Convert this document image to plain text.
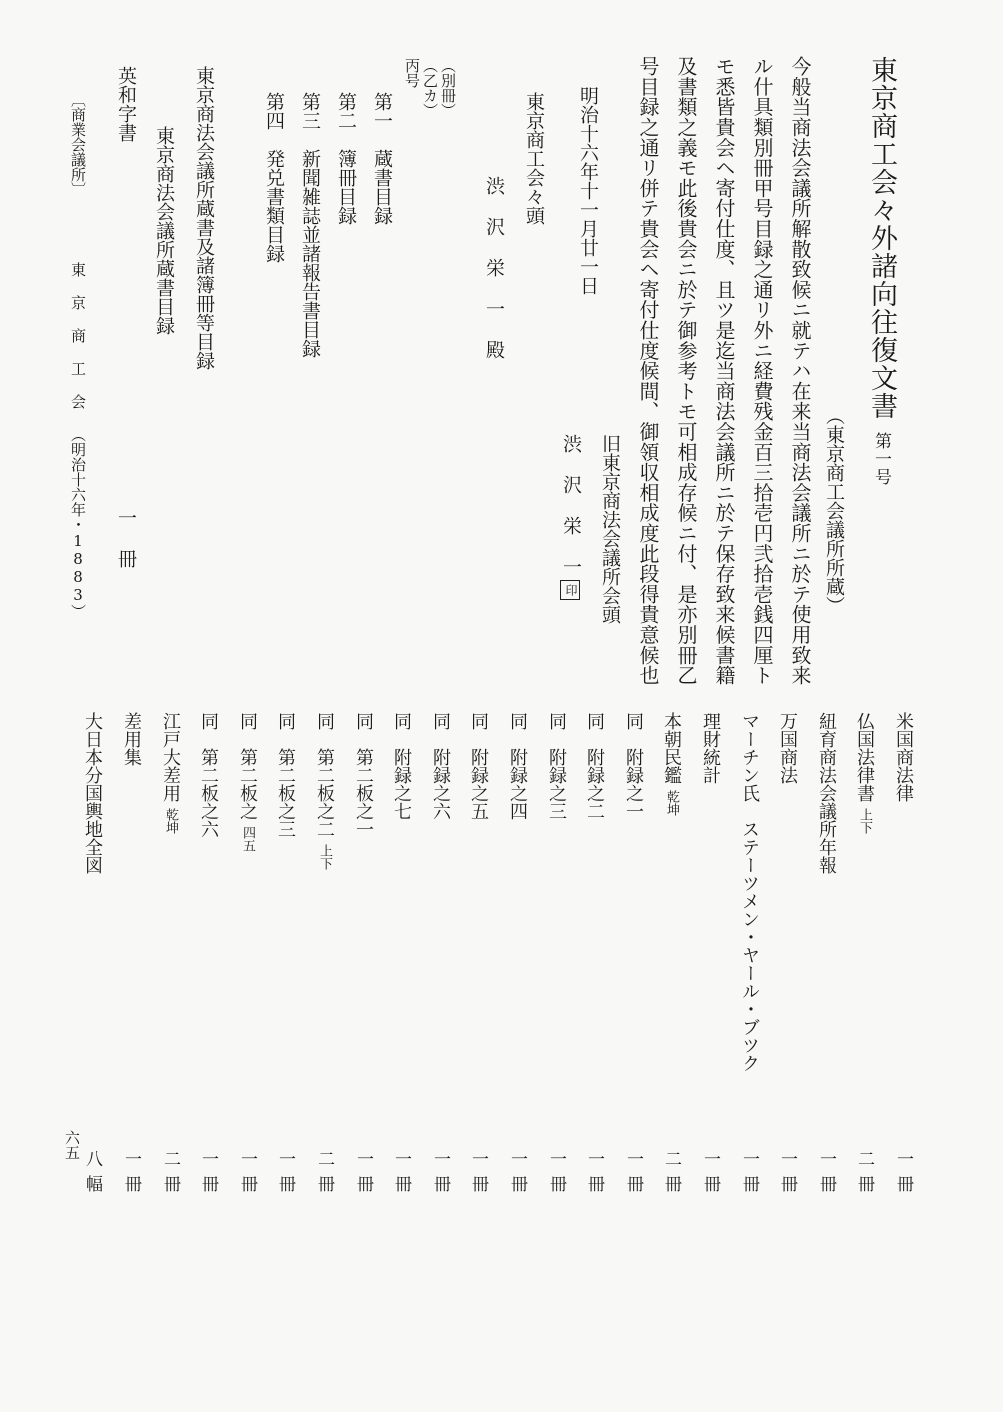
東京商工会々外諸向往復文書第一号
（東京商工会議所所蔵）
今般当商法会議所解散致候ニ就テハ在来当商法会議所ニ於テ使用致来
ル什具類別冊甲号目録之通リ外ニ経費残金百三拾壱円弐拾壱銭四厘ト
モ悉皆貴会ヘ寄付仕度、且ツ是迄当商法会議所ニ於テ保存致来候書籍
及書類之義モ此後貴会ニ於テ御参考トモ可相成存候ニ付、是亦別冊乙
号目録之通リ併テ貴会ヘ寄付仕度候間、御領収相成度此段得貴意候也
旧東京商法会議所会頭
明治十六年十一月廿一日
渋 沢 栄 一印
東京商工会々頭
渋 沢 栄 一 殿
（別冊）
（乙カ）
丙号
第一　蔵書目録
第二　簿冊目録
第三　新聞雑誌並諸報告書目録
第四　発兑書類目録
東京商法会議所蔵書及諸簿冊等目録
東京商法会議所蔵書目録
英和字書
一 冊
〔商業会議所〕
東 京 商 工 会 （明治十六年・1883）
米国商法律
一冊
仏国法律書上下
二冊
紐育商法会議所年報
一冊
万国商法
一冊
マーチン氏　ステーツメン・ヤール・ブツク
一冊
理財統計
一冊
本朝民鑑乾坤
二冊
同　附録之一
一冊
同　附録之二
一冊
同　附録之三
一冊
同　附録之四
一冊
同　附録之五
一冊
同　附録之六
一冊
同　附録之七
一冊
同　第二板之一
一冊
同　第二板之二上下
二冊
同　第二板之三
一冊
同　第二板之四五
一冊
同　第二板之六
一冊
江戸大差用乾坤
二冊
差用集
一冊
大日本分国輿地全図
八幅
六五
